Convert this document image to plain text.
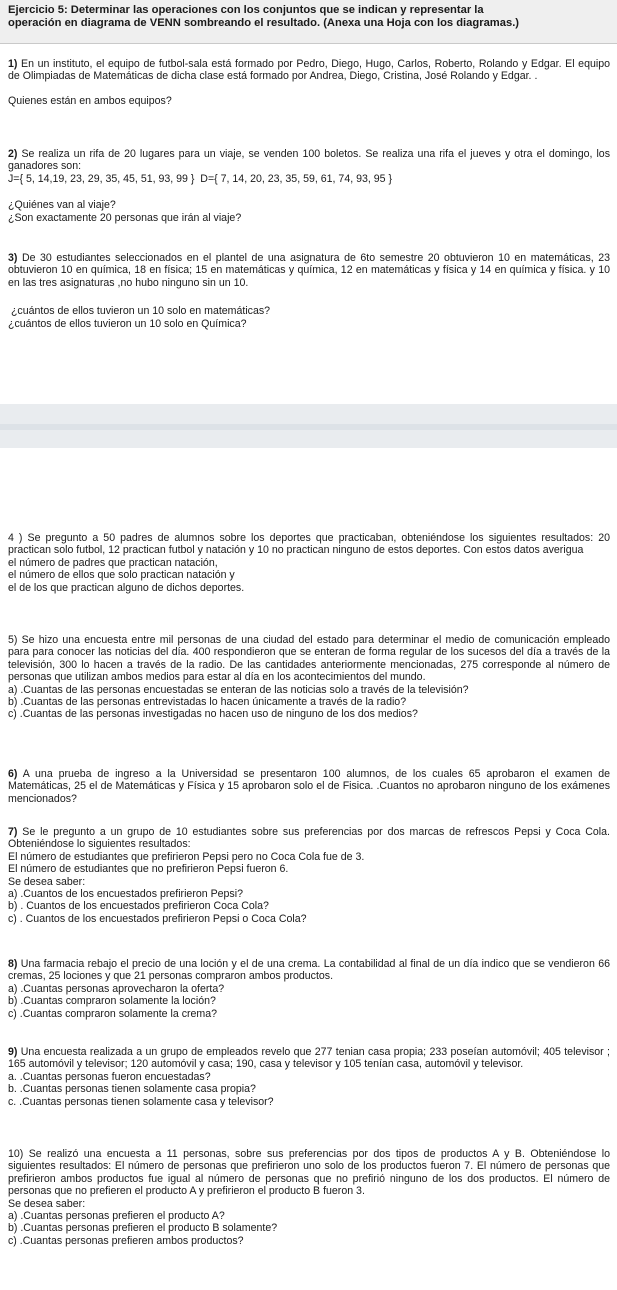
Ejercicio 5: Determinar las operaciones con los conjuntos que se indican y representar la
operación en diagrama de VENN sombreando el resultado. (Anexa una Hoja con los diagramas.)
1) En un instituto, el equipo de futbol-sala está formado por Pedro, Diego, Hugo, Carlos, Roberto, Rolando y Edgar. El equipo de Olimpiadas de Matemáticas de dicha clase está formado por Andrea, Diego, Cristina, José Rolando y Edgar. .
Quienes están en ambos equipos?
2) Se realiza un rifa de 20 lugares para un viaje, se venden 100 boletos. Se realiza una rifa el jueves y otra el domingo, los ganadores son:
J={ 5, 14,19, 23, 29, 35, 45, 51, 93, 99 }  D={ 7, 14, 20, 23, 35, 59, 61, 74, 93, 95 }
¿Quiénes van al viaje?
¿Son exactamente 20 personas que irán al viaje?
3) De 30 estudiantes seleccionados en el plantel de una asignatura de 6to semestre 20 obtuvieron 10 en matemáticas, 23 obtuvieron 10 en química, 18 en física; 15 en matemáticas y química, 12 en matemáticas y física y 14 en química y física. y 10 en las tres asignaturas ,no hubo ninguno sin un 10.
¿cuántos de ellos tuvieron un 10 solo en matemáticas?
¿cuántos de ellos tuvieron un 10 solo en Química?
4 ) Se pregunto a 50 padres de alumnos sobre los deportes que practicaban, obteniéndose los siguientes resultados: 20 practican solo futbol, 12 practican futbol y natación y 10 no practican ninguno de estos deportes. Con estos datos averigua
el número de padres que practican natación,
el número de ellos que solo practican natación y
el de los que practican alguno de dichos deportes.
5) Se hizo una encuesta entre mil personas de una ciudad del estado para determinar el medio de comunicación empleado para para conocer las noticias del día. 400 respondieron que se enteran de forma regular de los sucesos del día a través de la televisión, 300 lo hacen a través de la radio. De las cantidades anteriormente mencionadas, 275 corresponde al número de personas que utilizan ambos medios para estar al día en los acontecimientos del mundo.
a) .Cuantas de las personas encuestadas se enteran de las noticias solo a través de la televisión?
b) .Cuantas de las personas entrevistadas lo hacen únicamente a través de la radio?
c) .Cuantas de las personas investigadas no hacen uso de ninguno de los dos medios?
6) A una prueba de ingreso a la Universidad se presentaron 100 alumnos, de los cuales 65 aprobaron el examen de Matemáticas, 25 el de Matemáticas y Física y 15 aprobaron solo el de Fisica. .Cuantos no aprobaron ninguno de los exámenes mencionados?
7) Se le pregunto a un grupo de 10 estudiantes sobre sus preferencias por dos marcas de refrescos Pepsi y Coca Cola. Obteniéndose lo siguientes resultados:
El número de estudiantes que prefirieron Pepsi pero no Coca Cola fue de 3.
El número de estudiantes que no prefirieron Pepsi fueron 6.
Se desea saber:
a) .Cuantos de los encuestados prefirieron Pepsi?
b) . Cuantos de los encuestados prefirieron Coca Cola?
c) . Cuantos de los encuestados prefirieron Pepsi o Coca Cola?
8) Una farmacia rebajo el precio de una loción y el de una crema. La contabilidad al final de un día indico que se vendieron 66 cremas, 25 lociones y que 21 personas compraron ambos productos.
a) .Cuantas personas aprovecharon la oferta?
b) .Cuantas compraron solamente la loción?
c) .Cuantas compraron solamente la crema?
9) Una encuesta realizada a un grupo de empleados revelo que 277 tenian casa propia; 233 poseían automóvil; 405 televisor ; 165 automóvil y televisor; 120 automóvil y casa; 190, casa y televisor y 105 tenían casa, automóvil y televisor.
a. .Cuantas personas fueron encuestadas?
b. .Cuantas personas tienen solamente casa propia?
c. .Cuantas personas tienen solamente casa y televisor?
10) Se realizó una encuesta a 11 personas, sobre sus preferencias por dos tipos de productos A y B. Obteniéndose lo siguientes resultados: El número de personas que prefirieron uno solo de los productos fueron 7. El número de personas que prefirieron ambos productos fue igual al número de personas que no prefirió ninguno de los dos productos. El número de personas que no prefieren el producto A y prefirieron el producto B fueron 3.
Se desea saber:
a) .Cuantas personas prefieren el producto A?
b) .Cuantas personas prefieren el producto B solamente?
c) .Cuantas personas prefieren ambos productos?
